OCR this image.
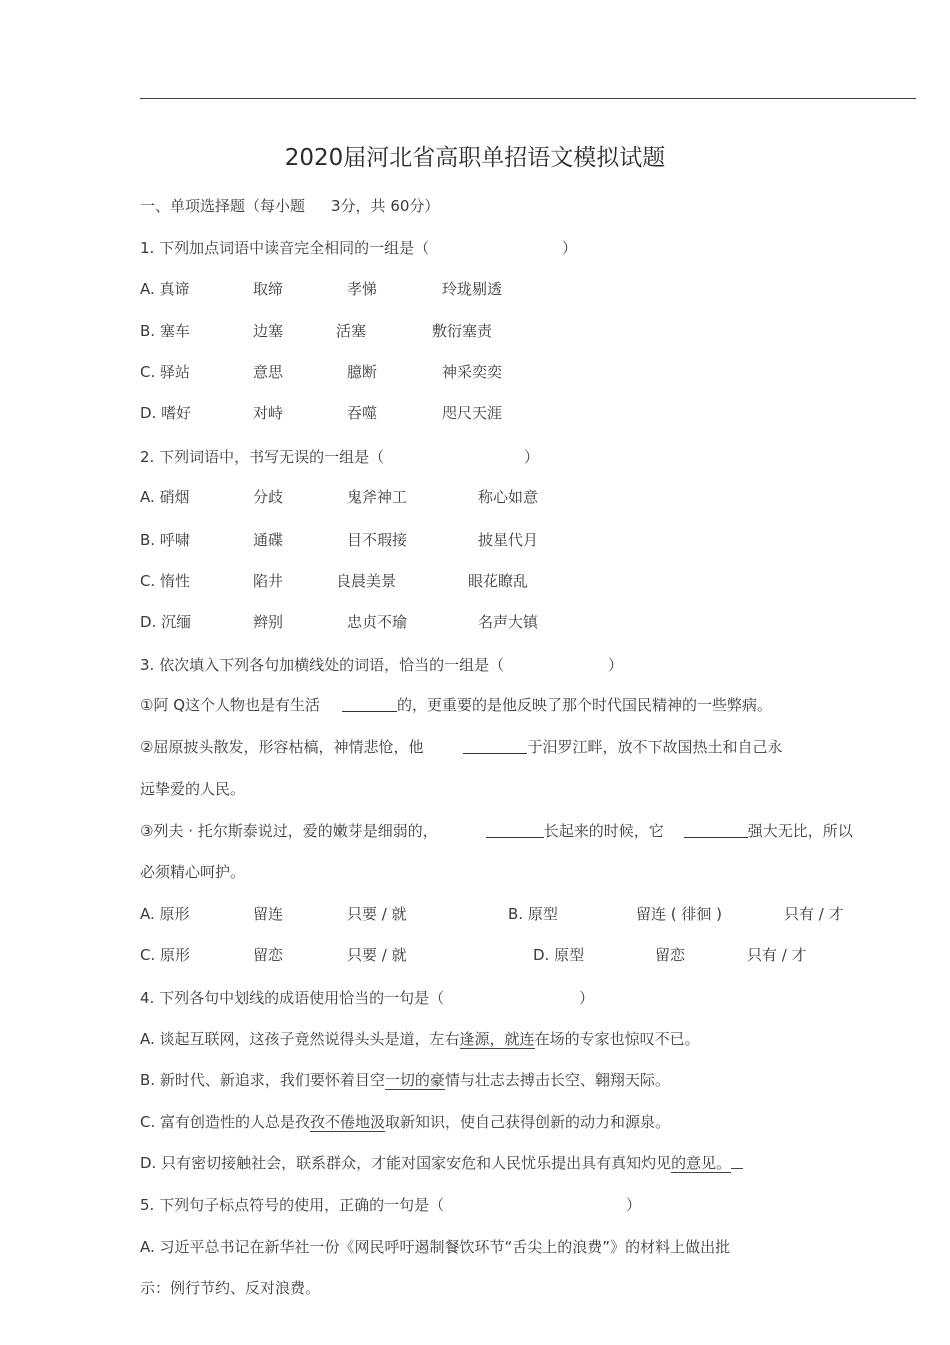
2020届河北省高职单招语文模拟试题
一、单项选择题（每小题 3分，共 60分）
1. 下列加点词语中读音完全相同的一组是（	）
A. 真谛	取缔	孝悌	玲珑剔透
B. 塞车	边塞	活塞	敷衍塞责
C. 驿站	意思	臆断	神采奕奕
D. 嗜好	对峙	吞噬	咫尺天涯
2. 下列词语中，书写无误的一组是（	）
A. 硝烟	分歧	鬼斧神工	称心如意
B. 呼啸	通碟	目不瑕接	披星代月
C. 惰性	陷井	良晨美景	眼花瞭乱
D. 沉缅	辫别	忠贞不瑜	名声大镇
3. 依次填入下列各句加横线处的词语，恰当的一组是（	）
①阿 Q这个人物也是有生活	的，更重要的是他反映了那个时代国民精神的一些弊病。
②屈原披头散发，形容枯槁，神情悲怆，他	于汨罗江畔，放不下故国热土和自己永
远挚爱的人民。
③列夫 · 托尔斯泰说过，爱的嫩芽是细弱的，	长起来的时候，它	强大无比，所以
必须精心呵护。
A. 原形	留连	只要 / 就	B. 原型	留连 ( 徘徊 )	只有 / 才
C. 原形	留恋	只要 / 就	D. 原型	留恋	只有 / 才
4. 下列各句中划线的成语使用恰当的一句是（	）
A. 谈起互联网，这孩子竟然说得头头是道，左右逢源，就连在场的专家也惊叹不已。
B. 新时代、新追求，我们要怀着目空一切的豪情与壮志去搏击长空、翱翔天际。
C. 富有创造性的人总是孜孜不倦地汲取新知识，使自己获得创新的动力和源泉。
D. 只有密切接触社会，联系群众，才能对国家安危和人民忧乐提出具有真知灼见的意见。
5. 下列句子标点符号的使用，正确的一句是（	）
A. 习近平总书记在新华社一份《网民呼吁遏制餐饮环节“舌尖上的浪费”》的材料上做出批
示：例行节约、反对浪费。
